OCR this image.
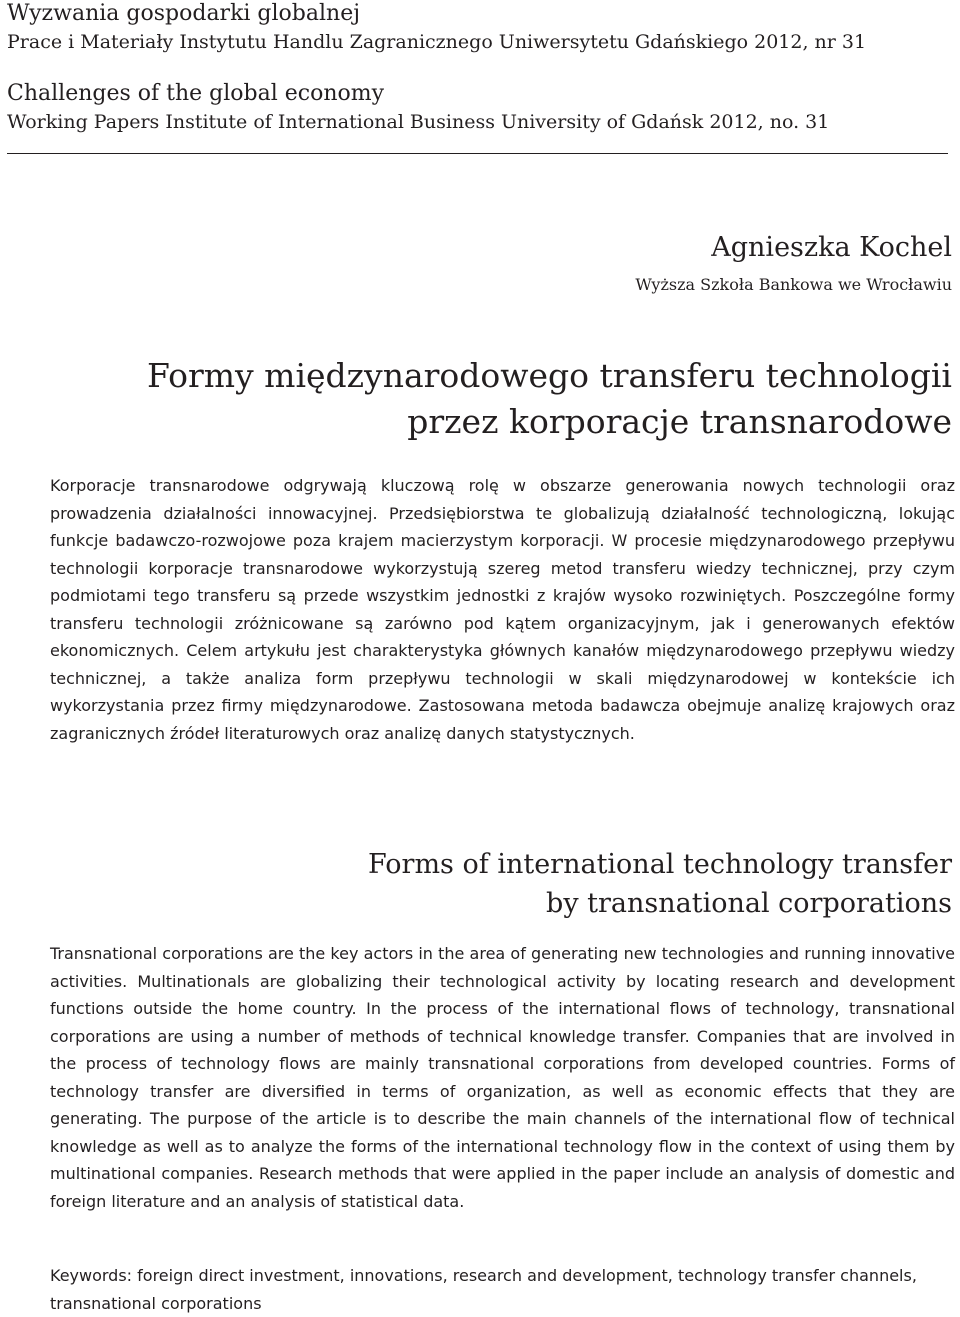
Wyzwania gospodarki globalnej
Prace i Materiały Instytutu Handlu Zagranicznego Uniwersytetu Gdańskiego 2012, nr 31
Challenges of the global economy
Working Papers Institute of International Business University of Gdańsk 2012, no. 31
Agnieszka Kochel
Wyższa Szkoła Bankowa we Wrocławiu
Formy międzynarodowego transferu technologii
przez korporacje transnarodowe

Korporacje transnarodowe odgrywają kluczową rolę w obszarze generowania nowych technologii oraz prowadzenia działalności innowacyjnej. Przedsiębiorstwa te globalizują działalność technologiczną, lokując funkcje badawczo-rozwojowe poza krajem macierzystym korporacji. W procesie międzynarodowego przepływu technologii korporacje transnarodowe wykorzystują szereg metod transferu wiedzy technicznej, przy czym podmiotami tego transferu są przede wszystkim jednostki z krajów wysoko rozwiniętych. Poszczególne formy transferu technologii zróżnicowane są zarówno pod kątem organizacyjnym, jak i generowanych efektów ekonomicznych. Celem artykułu jest charakterystyka głównych kanałów międzynarodowego przepływu wiedzy technicznej, a także analiza form przepływu technologii w skali międzynarodowej w kontekście ich wykorzystania przez firmy międzynarodowe. Zastosowana metoda badawcza obejmuje analizę krajowych oraz zagranicznych źródeł literaturowych oraz analizę danych statystycznych.

Forms of international technology transfer
by transnational corporations

Transnational corporations are the key actors in the area of generating new technologies and running innovative activities. Multinationals are globalizing their technological activity by locating research and development functions outside the home country. In the process of the international flows of technology, transnational corporations are using a number of methods of technical knowledge transfer. Companies that are involved in the process of technology flows are mainly transnational corporations from developed countries. Forms of technology transfer are diversified in terms of organization, as well as economic effects that they are generating. The purpose of the article is to describe the main channels of the international flow of technical knowledge as well as to analyze the forms of the international technology flow in the context of using them by multinational companies. Research methods that were applied in the paper include an analysis of domestic and foreign literature and an analysis of statistical data.

Keywords: foreign direct investment, innovations, research and development, technology transfer channels, transnational corporations
